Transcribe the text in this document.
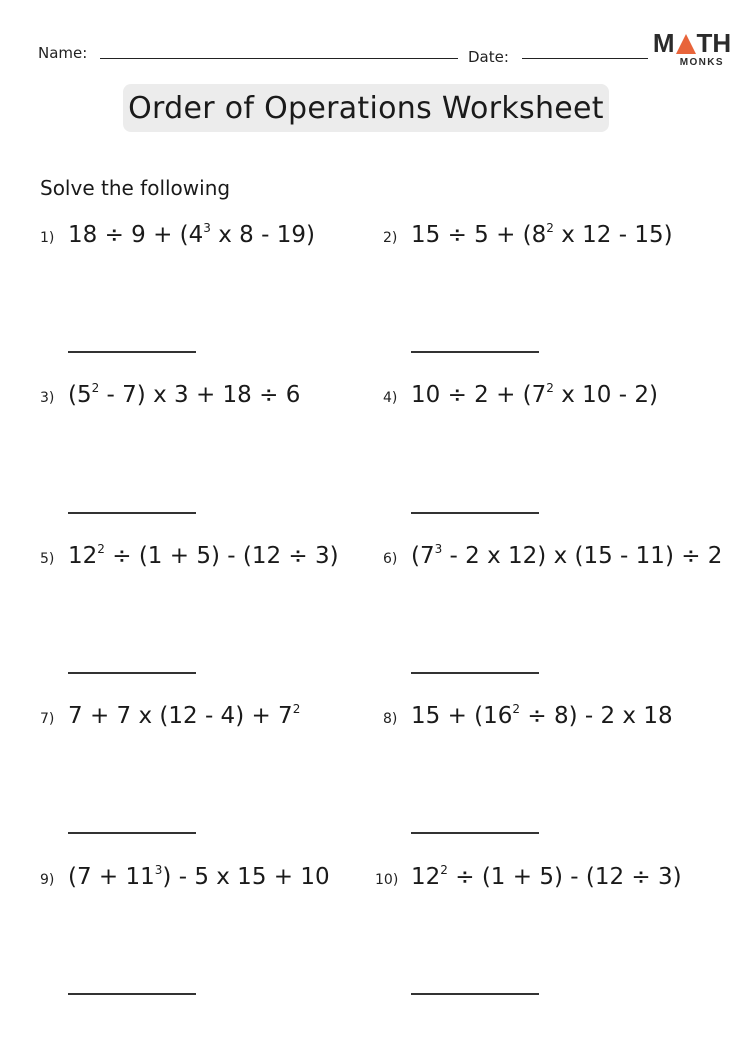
Name:	Date:	M TH
MONKS
Order of Operations Worksheet
Solve the following
1) $18 \div 9 + (4^3$ x 8 - 19)	2) $15 \div 5 + (8^2$ x 12 - 15)
3) $(5^2 - 7)$ x 3 + 18 ÷ 6	4) $10 \div 2 + (7^2$ x 10 - 2)
5) $12^2 \div (1 + 5) - (12 \div 3)$	6) ($7^3 - 2$ x 12) x (15 - 11) ÷ 2
7) 7 + 7 x $(12 - 4) + 7^2$
8) $15 + (16^2 \div 8) - 2$ x 18
9) $(7 + 11^3) - 5$ x 15 + 10	10) $12^2 \div (1 + 5) - (12 \div 3)$
